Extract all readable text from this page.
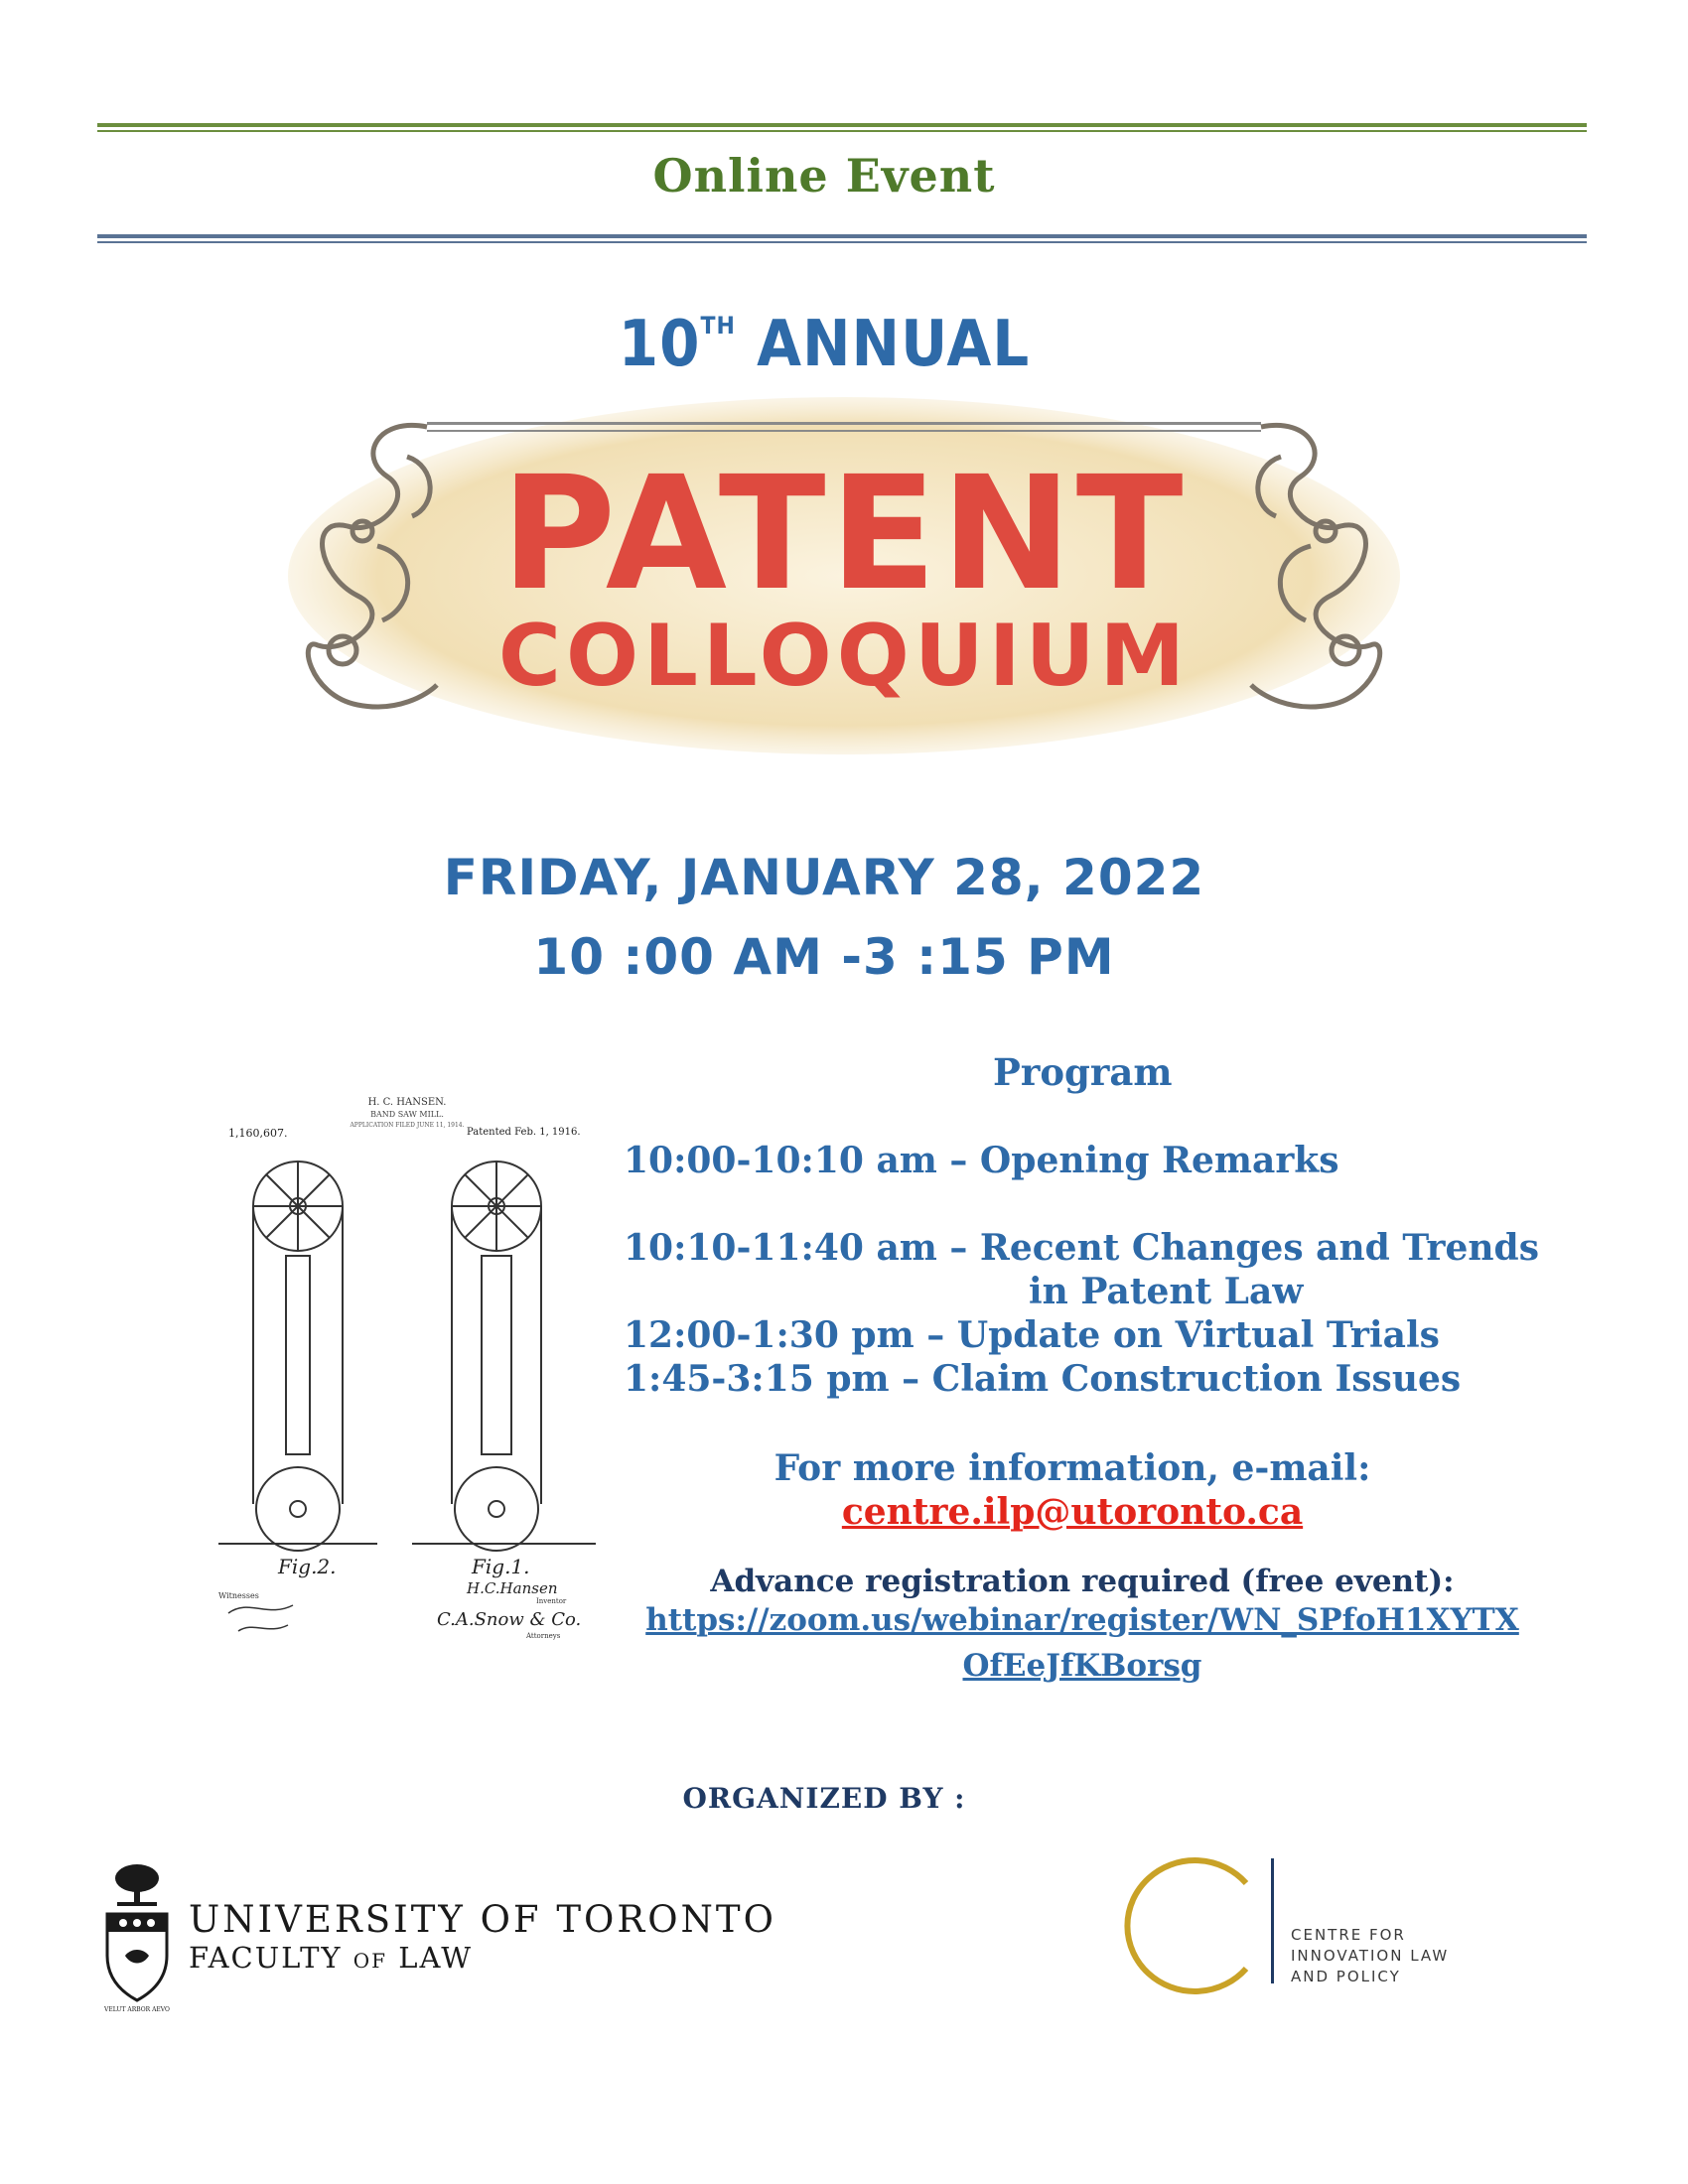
Online Event
10TH ANNUAL
PATENT
COLLOQUIUM
FRIDAY, JANUARY 28, 2022
10 :00 AM -3 :15 PM
H. C. HANSEN.
BAND SAW MILL.
APPLICATION FILED JUNE 11, 1914.
1,160,607.	Patented Feb. 1, 1916.
Fig.2.	Fig.1.
Witnesses	H.C.Hansen
Inventor
C.A.Snow & Co.
Attorneys
Program
10:00-10:10 am – Opening Remarks
10:10-11:40 am – Recent Changes and Trends
in Patent Law
12:00-1:30 pm – Update on Virtual Trials
1:45-3:15 pm – Claim Construction Issues
For more information, e-mail:
centre.ilp@utoronto.ca
Advance registration required (free event):
https://zoom.us/webinar/register/WN_SPfoH1XYTX
OfEeJfKBorsg
ORGANIZED BY :
VELUT ARBOR AEVO
UNIVERSITY OF TORONTO
FACULTY OF LAW
CENTRE FOR
INNOVATION LAW
AND POLICY
